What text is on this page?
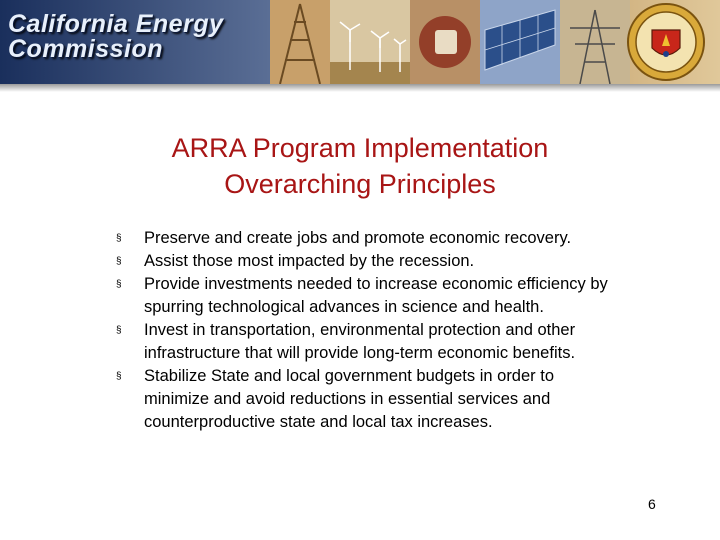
California Energy
Commission
ARRA Program Implementation
Overarching Principles
§ Preserve and create jobs and promote economic recovery.
§ Assist those most impacted by the recession.
§ Provide investments needed to increase economic efficiency by spurring technological advances in science and health.
§ Invest in transportation, environmental protection and other infrastructure that will provide long-term economic benefits.
§ Stabilize State and local government budgets in order to minimize and avoid reductions in essential services and counterproductive state and local tax increases.
6
